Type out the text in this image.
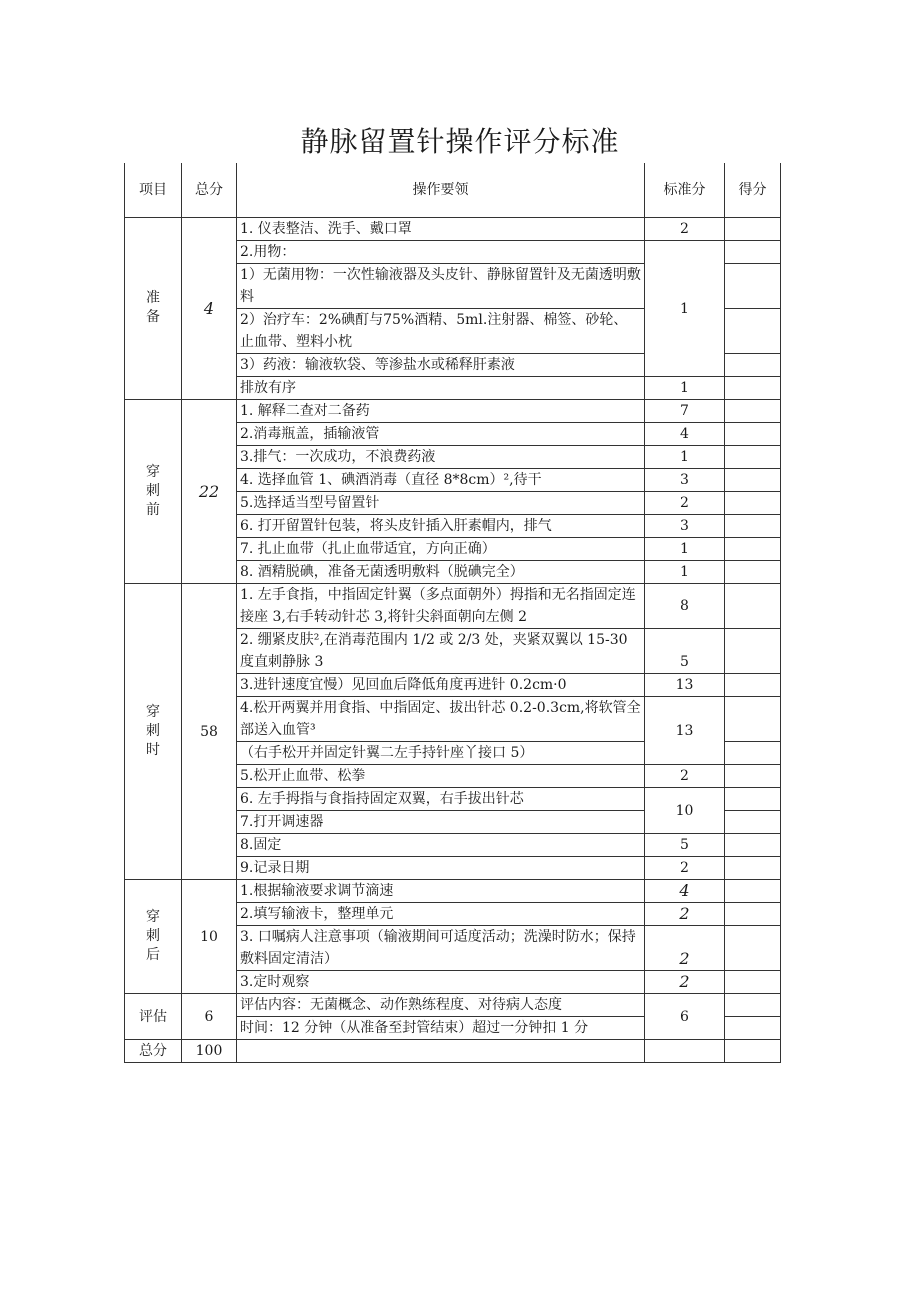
静脉留置针操作评分标准
项目	总分	操作要领	标准分	得分
准 备	4	1. 仪表整洁、洗手、戴口罩	2	
		2.用物：	1	
		1）无菌用物：一次性输液器及头皮针、静脉留置针及无菌透明敷料		
		2）治疗车：2%碘酊与75%酒精、5ml.注射器、棉签、砂轮、止血带、塑料小枕		
		3）药液：输液软袋、等渗盐水或稀释肝素液		
		排放有序	1	
穿 刺 前	22	1. 解释二查对二备药	7	
		2.消毒瓶盖，插输液管	4	
		3.排气：一次成功，不浪费药液	1	
		4. 选择血管 1、碘酒消毒（直径 8*8cm）²,待干	3	
		5.选择适当型号留置针	2	
		6. 打开留置针包装，将头皮针插入肝素帽内，排气	3	
		7. 扎止血带（扎止血带适宜，方向正确）	1	
		8. 酒精脱碘，准备无菌透明敷料（脱碘完全）	1	
穿 刺 时	58	1. 左手食指，中指固定针翼（多点面朝外）拇指和无名指固定连接座 3,右手转动针芯 3,将针尖斜面朝向左侧 2	8	
		2. 绷紧皮肤²,在消毒范围内 1/2 或 2/3 处，夹紧双翼以 15-30 度直刺静脉 3	5	
		3.进针速度宜慢）见回血后降低角度再进针 0.2cm·0	13	
		4.松开两翼并用食指、中指固定、拔出针芯 0.2-0.3cm,将软管全部送入血管³	13	
		（右手松开并固定针翼二左手持针座丫接口 5）		
		5.松开止血带、松拳	2	
		6. 左手拇指与食指持固定双翼，右手拔出针芯	10	
		7.打开调速器		
		8.固定	5	
		9.记录日期	2	
穿 刺 后	10	1.根据输液要求调节滴速	4	
		2.填写输液卡，整理单元	2	
		3. 口嘱病人注意事项（输液期间可适度活动；洗澡时防水；保持敷料固定清洁）	2	
		3.定时观察	2	
评估	6	评估内容：无菌概念、动作熟练程度、对待病人态度	6	
		时间：12 分钟（从准备至封管结束）超过一分钟扣 1 分		
总分	100			
